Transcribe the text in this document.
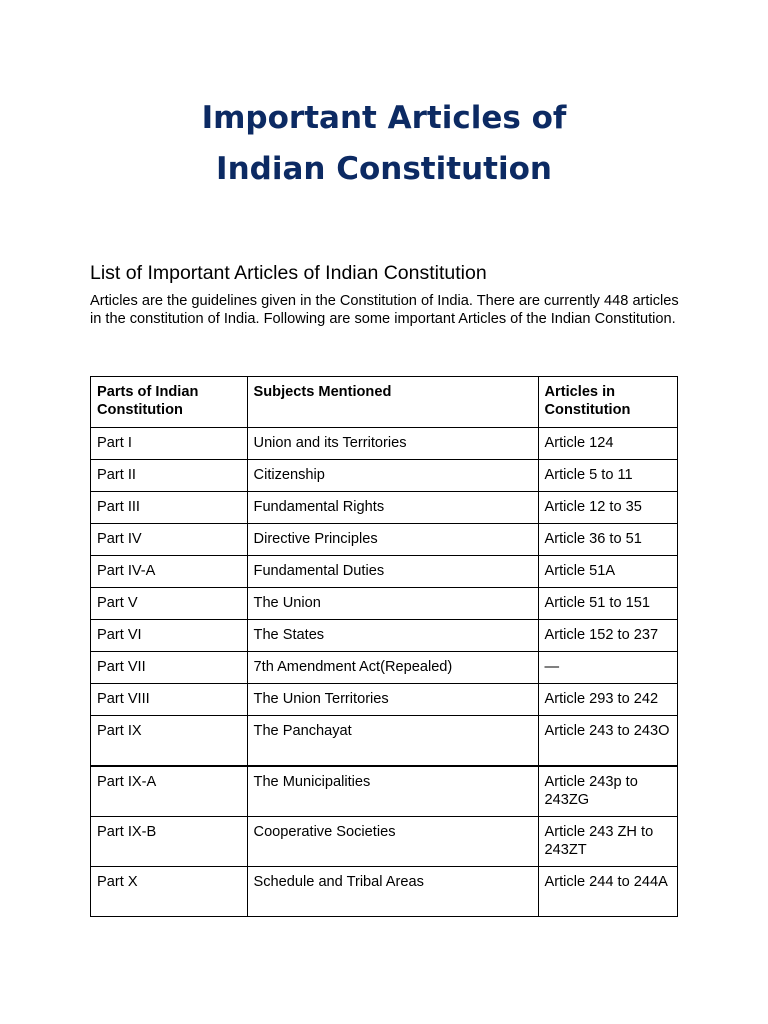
Important Articles of
Indian Constitution
List of Important Articles of Indian Constitution

Articles are the guidelines given in the Constitution of India. There are currently 448 articles in the constitution of India. Following are some important Articles of the Indian Constitution.

Parts of Indian Constitution	Subjects Mentioned	Articles in Constitution
Part I	Union and its Territories	Article 124
Part II	Citizenship	Article 5 to 11
Part III	Fundamental Rights	Article 12 to 35
Part IV	Directive Principles	Article 36 to 51
Part IV-A	Fundamental Duties	Article 51A
Part V	The Union	Article 51 to 151
Part VI	The States	Article 152 to 237
Part VII	7th Amendment Act(Repealed)	—
Part VIII	The Union Territories	Article 293 to 242
Part IX	The Panchayat	Article 243 to 243O
Part IX-A	The Municipalities	Article 243p to 243ZG
Part IX-B	Cooperative Societies	Article 243 ZH to 243ZT
Part X	Schedule and Tribal Areas	Article 244 to 244A
